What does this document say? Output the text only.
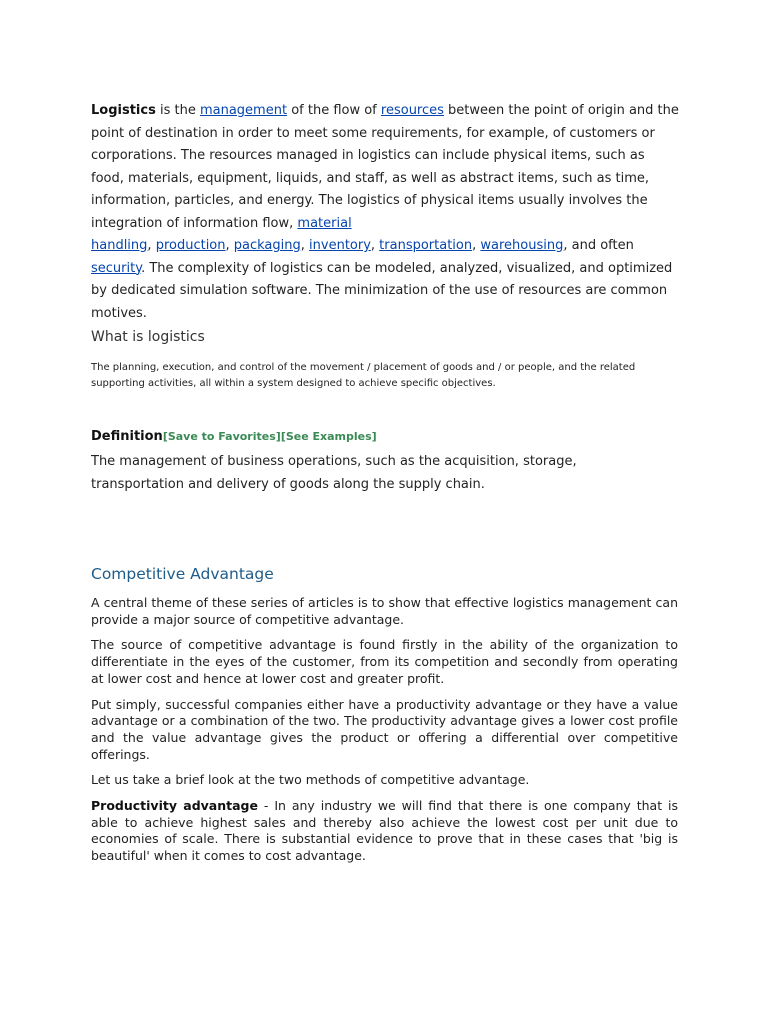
Logistics is the management of the flow of resources between the point of origin and the point of destination in order to meet some requirements, for example, of customers or corporations. The resources managed in logistics can include physical items, such as food, materials, equipment, liquids, and staff, as well as abstract items, such as time, information, particles, and energy. The logistics of physical items usually involves the integration of information flow, material
handling, production, packaging, inventory, transportation, warehousing, and often security. The complexity of logistics can be modeled, analyzed, visualized, and optimized by dedicated simulation software. The minimization of the use of resources are common motives.
What is logistics
The planning, execution, and control of the movement / placement of goods and / or people, and the related supporting activities, all within a system designed to achieve specific objectives.
Definition[Save to Favorites][See Examples]
The management of business operations, such as the acquisition, storage, transportation and delivery of goods along the supply chain.
Competitive Advantage

A central theme of these series of articles is to show that effective logistics management can provide a major source of competitive advantage.

The source of competitive advantage is found firstly in the ability of the organization to differentiate in the eyes of the customer, from its competition and secondly from operating at lower cost and hence at lower cost and greater profit.

Put simply, successful companies either have a productivity advantage or they have a value advantage or a combination of the two. The productivity advantage gives a lower cost profile and the value advantage gives the product or offering a differential over competitive offerings.

Let us take a brief look at the two methods of competitive advantage.

Productivity advantage - In any industry we will find that there is one company that is able to achieve highest sales and thereby also achieve the lowest cost per unit due to economies of scale. There is substantial evidence to prove that in these cases that 'big is beautiful' when it comes to cost advantage.
